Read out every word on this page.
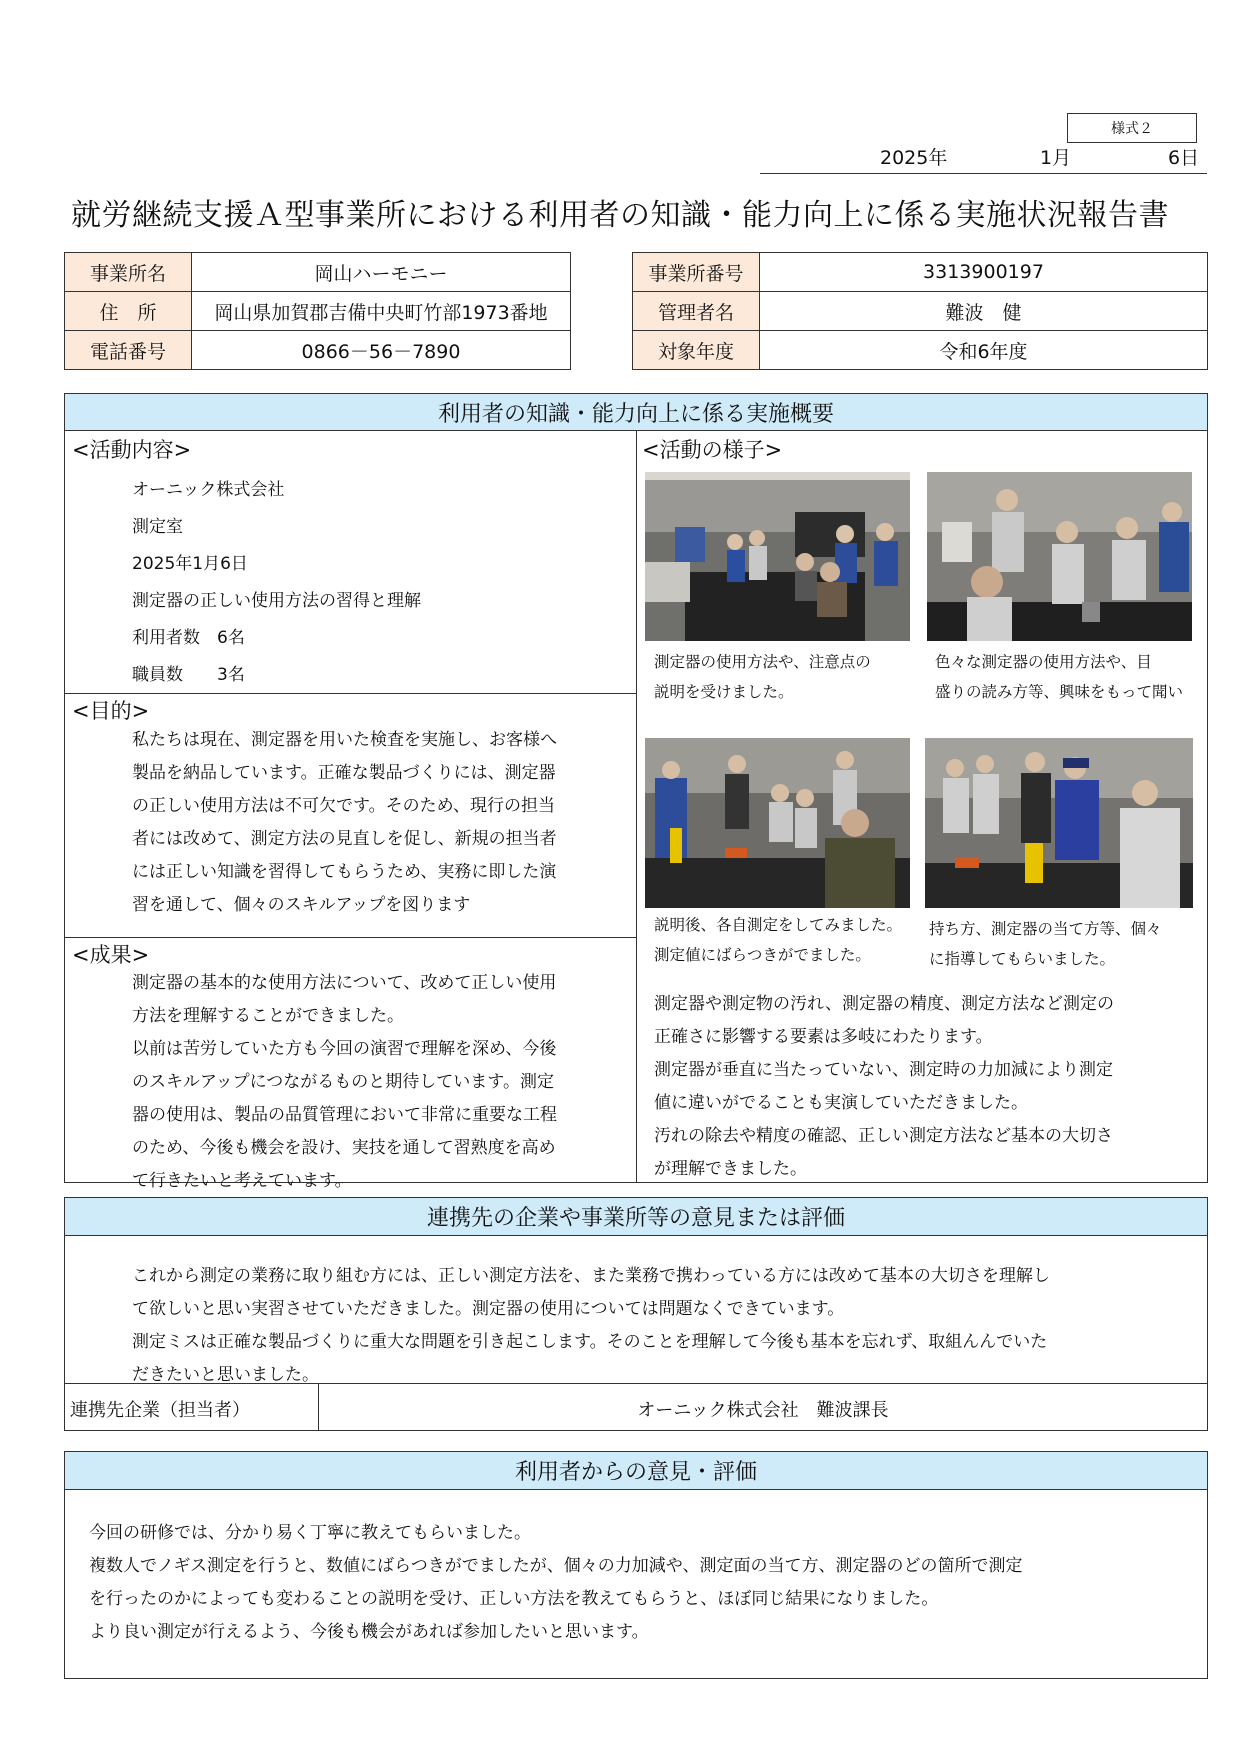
様式２
2025年	1月	6日
就労継続支援Ａ型事業所における利用者の知識・能力向上に係る実施状況報告書
事業所名	岡山ハーモニー
住　所	岡山県加賀郡吉備中央町竹部1973番地
電話番号	0866－56－7890
事業所番号	3313900197
管理者名	難波　健
対象年度	令和6年度
利用者の知識・能力向上に係る実施概要
<活動内容>
オーニック株式会社
測定室
2025年1月6日
測定器の正しい使用方法の習得と理解
利用者数　6名
職員数　　3名
<目的>
私たちは現在、測定器を用いた検査を実施し、お客様へ
製品を納品しています。正確な製品づくりには、測定器
の正しい使用方法は不可欠です。そのため、現行の担当
者には改めて、測定方法の見直しを促し、新規の担当者
には正しい知識を習得してもらうため、実務に即した演
習を通して、個々のスキルアップを図ります
<成果>
測定器の基本的な使用方法について、改めて正しい使用
方法を理解することができました。
以前は苦労していた方も今回の演習で理解を深め、今後
のスキルアップにつながるものと期待しています。測定
器の使用は、製品の品質管理において非常に重要な工程
のため、今後も機会を設け、実技を通して習熟度を高め
て行きたいと考えています。
<活動の様子>
測定器の使用方法や、注意点の
説明を受けました。
色々な測定器の使用方法や、目
盛りの読み方等、興味をもって聞い
説明後、各自測定をしてみました。
測定値にばらつきがでました。
持ち方、測定器の当て方等、個々
に指導してもらいました。
測定器や測定物の汚れ、測定器の精度、測定方法など測定の
正確さに影響する要素は多岐にわたります。
測定器が垂直に当たっていない、測定時の力加減により測定
値に違いがでることも実演していただきました。
汚れの除去や精度の確認、正しい測定方法など基本の大切さ
が理解できました。
連携先の企業や事業所等の意見または評価
これから測定の業務に取り組む方には、正しい測定方法を、また業務で携わっている方には改めて基本の大切さを理解し
て欲しいと思い実習させていただきました。測定器の使用については問題なくできています。
測定ミスは正確な製品づくりに重大な問題を引き起こします。そのことを理解して今後も基本を忘れず、取組んんでいた
だきたいと思いました。
連携先企業（担当者）	オーニック株式会社　難波課長
利用者からの意見・評価
今回の研修では、分かり易く丁寧に教えてもらいました。
複数人でノギス測定を行うと、数値にばらつきがでましたが、個々の力加減や、測定面の当て方、測定器のどの箇所で測定
を行ったのかによっても変わることの説明を受け、正しい方法を教えてもらうと、ほぼ同じ結果になりました。
より良い測定が行えるよう、今後も機会があれば参加したいと思います。
